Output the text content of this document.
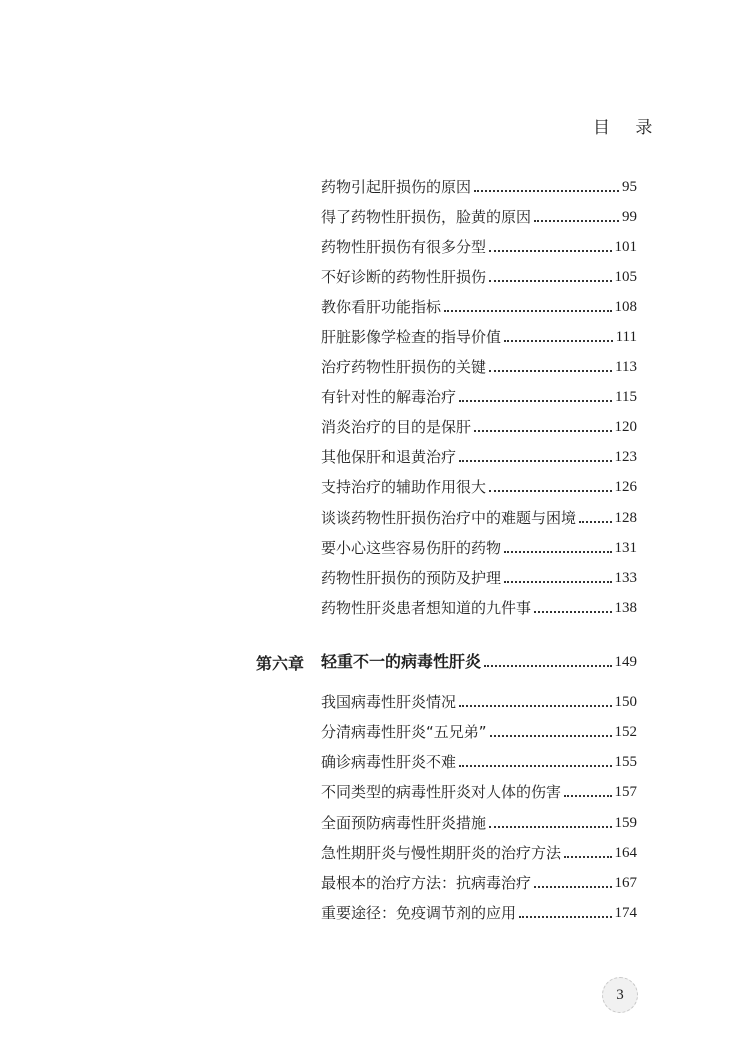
目 录
药物引起肝损伤的原因	95
得了药物性肝损伤，脸黄的原因	99
药物性肝损伤有很多分型	101
不好诊断的药物性肝损伤	105
教你看肝功能指标	108
肝脏影像学检查的指导价值	111
治疗药物性肝损伤的关键	113
有针对性的解毒治疗	115
消炎治疗的目的是保肝	120
其他保肝和退黄治疗	123
支持治疗的辅助作用很大	126
谈谈药物性肝损伤治疗中的难题与困境	128
要小心这些容易伤肝的药物	131
药物性肝损伤的预防及护理	133
药物性肝炎患者想知道的九件事	138
第六章 轻重不一的病毒性肝炎	149
我国病毒性肝炎情况	150
分清病毒性肝炎“五兄弟”	152
确诊病毒性肝炎不难	155
不同类型的病毒性肝炎对人体的伤害	157
全面预防病毒性肝炎措施	159
急性期肝炎与慢性期肝炎的治疗方法	164
最根本的治疗方法：抗病毒治疗	167
重要途径：免疫调节剂的应用	174
3
